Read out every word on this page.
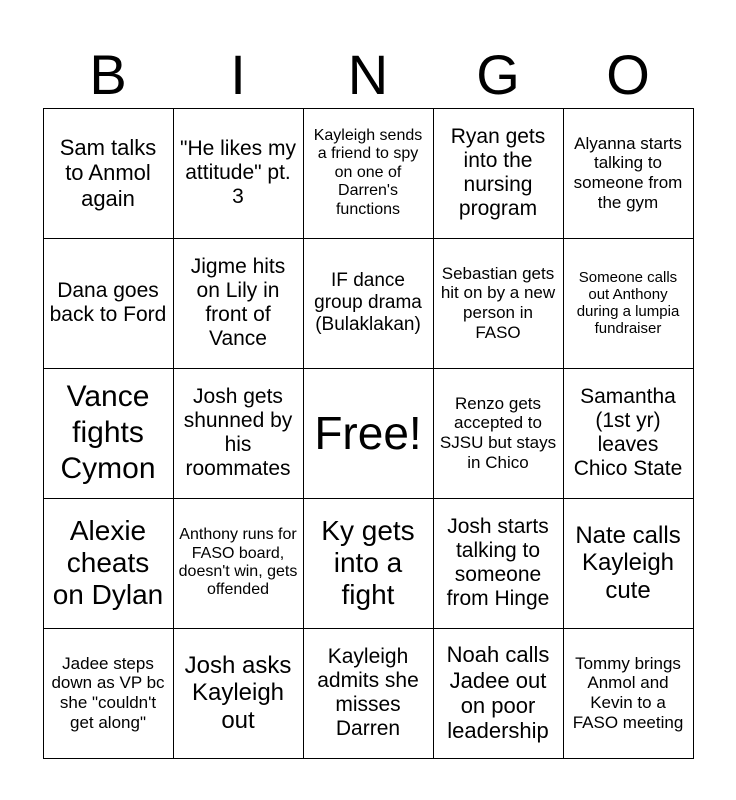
B	I	N	G	O
Sam talks to Anmol again
"He likes my attitude" pt. 3
Kayleigh sends a friend to spy on one of Darren's functions
Ryan gets into the nursing program
Alyanna starts talking to someone from the gym
Dana goes back to Ford
Jigme hits on Lily in front of Vance
IF dance group drama (Bulaklakan)
Sebastian gets hit on by a new person in FASO
Someone calls out Anthony during a lumpia fundraiser
Vance fights Cymon
Josh gets shunned by his roommates
Free!
Renzo gets accepted to SJSU but stays in Chico
Samantha (1st yr) leaves Chico State
Alexie cheats on Dylan
Anthony runs for FASO board, doesn't win, gets offended
Ky gets into a fight
Josh starts talking to someone from Hinge
Nate calls Kayleigh cute
Jadee steps down as VP bc she "couldn't get along"
Josh asks Kayleigh out
Kayleigh admits she misses Darren
Noah calls Jadee out on poor leadership
Tommy brings Anmol and Kevin to a FASO meeting
